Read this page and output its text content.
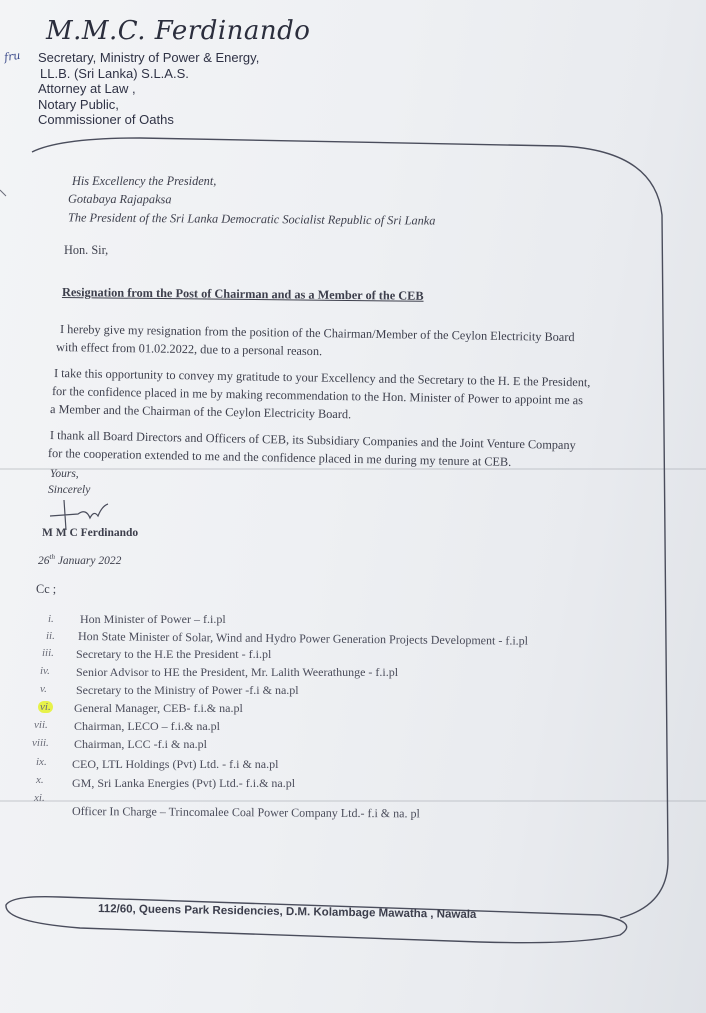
M.M.C. Ferdinando
Secretary, Ministry of Power & Energy,
LL.B. (Sri Lanka) S.L.A.S.
Attorney at Law ,
Notary Public,
Commissioner of Oaths
fru
His Excellency the President,
Gotabaya Rajapaksa
The President of the Sri Lanka Democratic Socialist Republic of Sri Lanka
Hon. Sir,
Resignation from the Post of Chairman and as a Member of the CEB
I hereby give my resignation from the position of the Chairman/Member of the Ceylon Electricity Board
with effect from 01.02.2022, due to a personal reason.
I take this opportunity to convey my gratitude to your Excellency and the Secretary to the H. E the President,
for the confidence placed in me by making recommendation to the Hon. Minister of Power to appoint me as
a Member and the Chairman of the Ceylon Electricity Board.
I thank all Board Directors and Officers of CEB, its Subsidiary Companies and the Joint Venture Company
for the cooperation extended to me and the confidence placed in me during my tenure at CEB.
Yours,
Sincerely
M M C Ferdinando
26th January 2022
Cc ;
i. Hon Minister of Power – f.i.pl
ii. Hon State Minister of Solar, Wind and Hydro Power Generation Projects Development - f.i.pl
iii. Secretary to the H.E the President - f.i.pl
iv. Senior Advisor to HE the President, Mr. Lalith Weerathunge - f.i.pl
v. Secretary to the Ministry of Power -f.i & na.pl
vi. General Manager, CEB- f.i.& na.pl
vii. Chairman, LECO – f.i.& na.pl
viii. Chairman, LCC -f.i & na.pl
ix. CEO, LTL Holdings (Pvt) Ltd. - f.i & na.pl
x. GM, Sri Lanka Energies (Pvt) Ltd.- f.i.& na.pl
xi.
Officer In Charge – Trincomalee Coal Power Company Ltd.- f.i & na. pl
112/60, Queens Park Residencies, D.M. Kolambage Mawatha , Nawala
